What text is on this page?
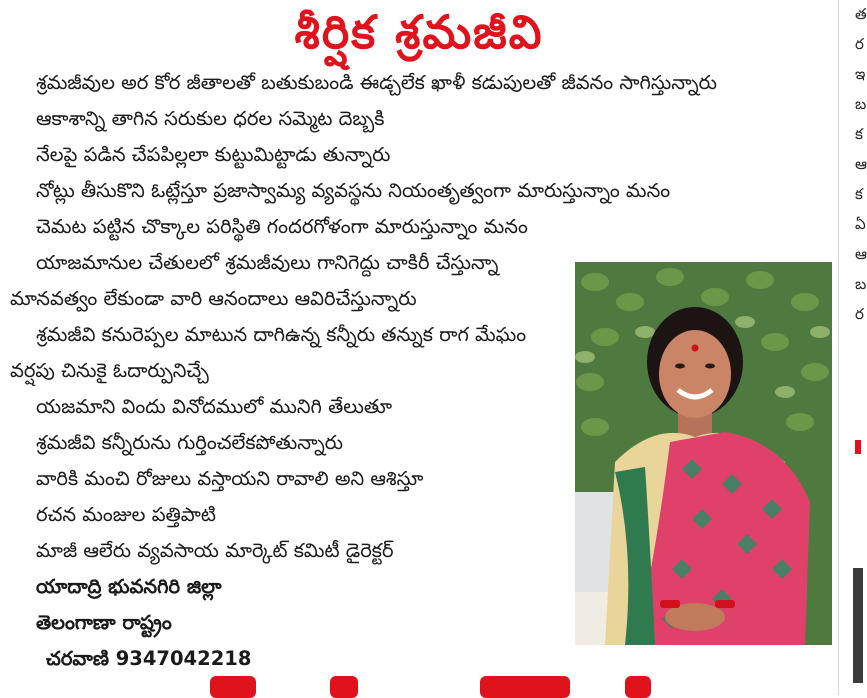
శీర్షిక శ్రమజీవి
శ్రమజీవుల అర కోర జీతాలతో బతుకుబండి ఈడ్చలేక ఖాళీ కడుపులతో జీవనం సాగిస్తున్నారు
ఆకాశాన్ని తాగిన సరుకుల ధరల సమ్మెట దెబ్బకి
నేలపై పడిన చేపపిల్లలా కుట్టుమిట్టాడు తున్నారు
నోట్లు తీసుకొని ఓట్లేస్తూ ప్రజాస్వామ్య వ్యవస్థను నియంతృత్వంగా మారుస్తున్నాం మనం
చెమట పట్టిన చొక్కాల పరిస్థితి గందరగోళంగా మారుస్తున్నాం మనం
యాజమానుల చేతులలో శ్రమజీవులు గానిగెద్దు చాకిరీ చేస్తున్నా
మానవత్వం లేకుండా వారి ఆనందాలు ఆవిరిచేస్తున్నారు
శ్రమజీవి కనురెప్పల మాటున దాగిఉన్న కన్నీరు తన్నుక రాగ మేఘం
వర్షపు చినుకై ఓదార్పునిచ్చే
యజమాని విందు వినోదములో మునిగి తేలుతూ
శ్రమజీవి కన్నీరును గుర్తించలేకపోతున్నారు
వారికి మంచి రోజులు వస్తాయని రావాలి అని ఆశిస్తూ
రచన మంజుల పత్తిపాటి
మాజీ ఆలేరు వ్యవసాయ మార్కెట్ కమిటీ డైరెక్టర్
యాదాద్రి భువనగిరి జిల్లా
తెలంగాణా రాష్ట్రం
చరవాణి 9347042218
త
ర
ఇ
బ
క
ఆ
క
ఏ
ఆ
బ
ర
